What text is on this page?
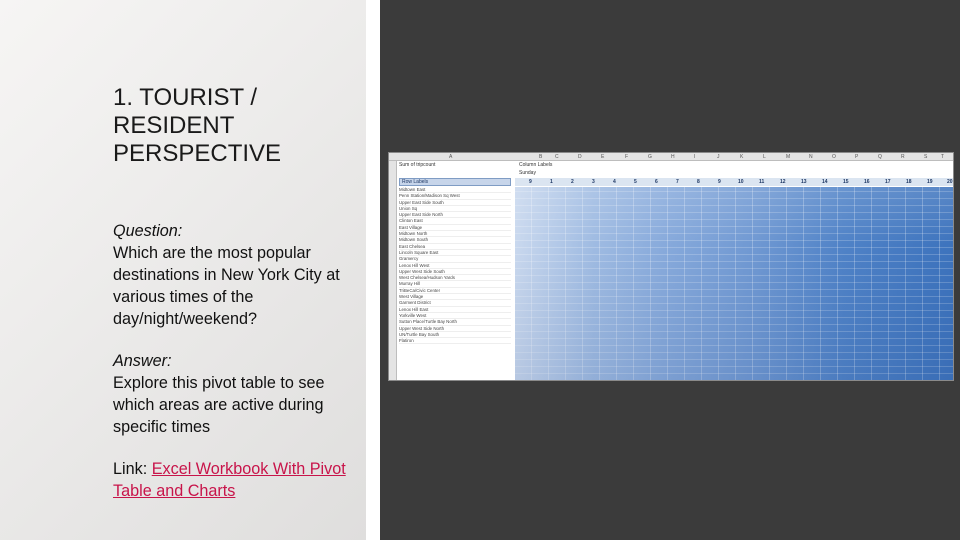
1. TOURIST /
RESIDENT
PERSPECTIVE
Question:
Which are the most popular destinations in New York City at various times of the day/night/weekend?
Answer:
Explore this pivot table to see which areas are active during specific times
Link: Excel Workbook With Pivot Table and Charts
A	B	C	D	E	F	G	H	I	J	K	L	M	N	O	P	Q	R	S	T
Sum of tripcount	Column Labels
Sunday
Row Labels	9	1	2	3	4	5	6	7	8	9	10	11	12	13	14	15	16	17	18	19	20
Midtown East
Penn Station/Madison Sq West
Upper East Side South
Union Sq
Upper East Side North
Clinton East
East Village
Midtown North
Midtown South
East Chelsea
Lincoln Square East
Gramercy
Lenox Hill West
Upper West Side South
West Chelsea/Hudson Yards
Murray Hill
TriBeCa/Civic Center
West Village
Garment District
Lenox Hill East
Yorkville West
Sutton Place/Turtle Bay North
Upper West Side North
UN/Turtle Bay South
Flatiron
